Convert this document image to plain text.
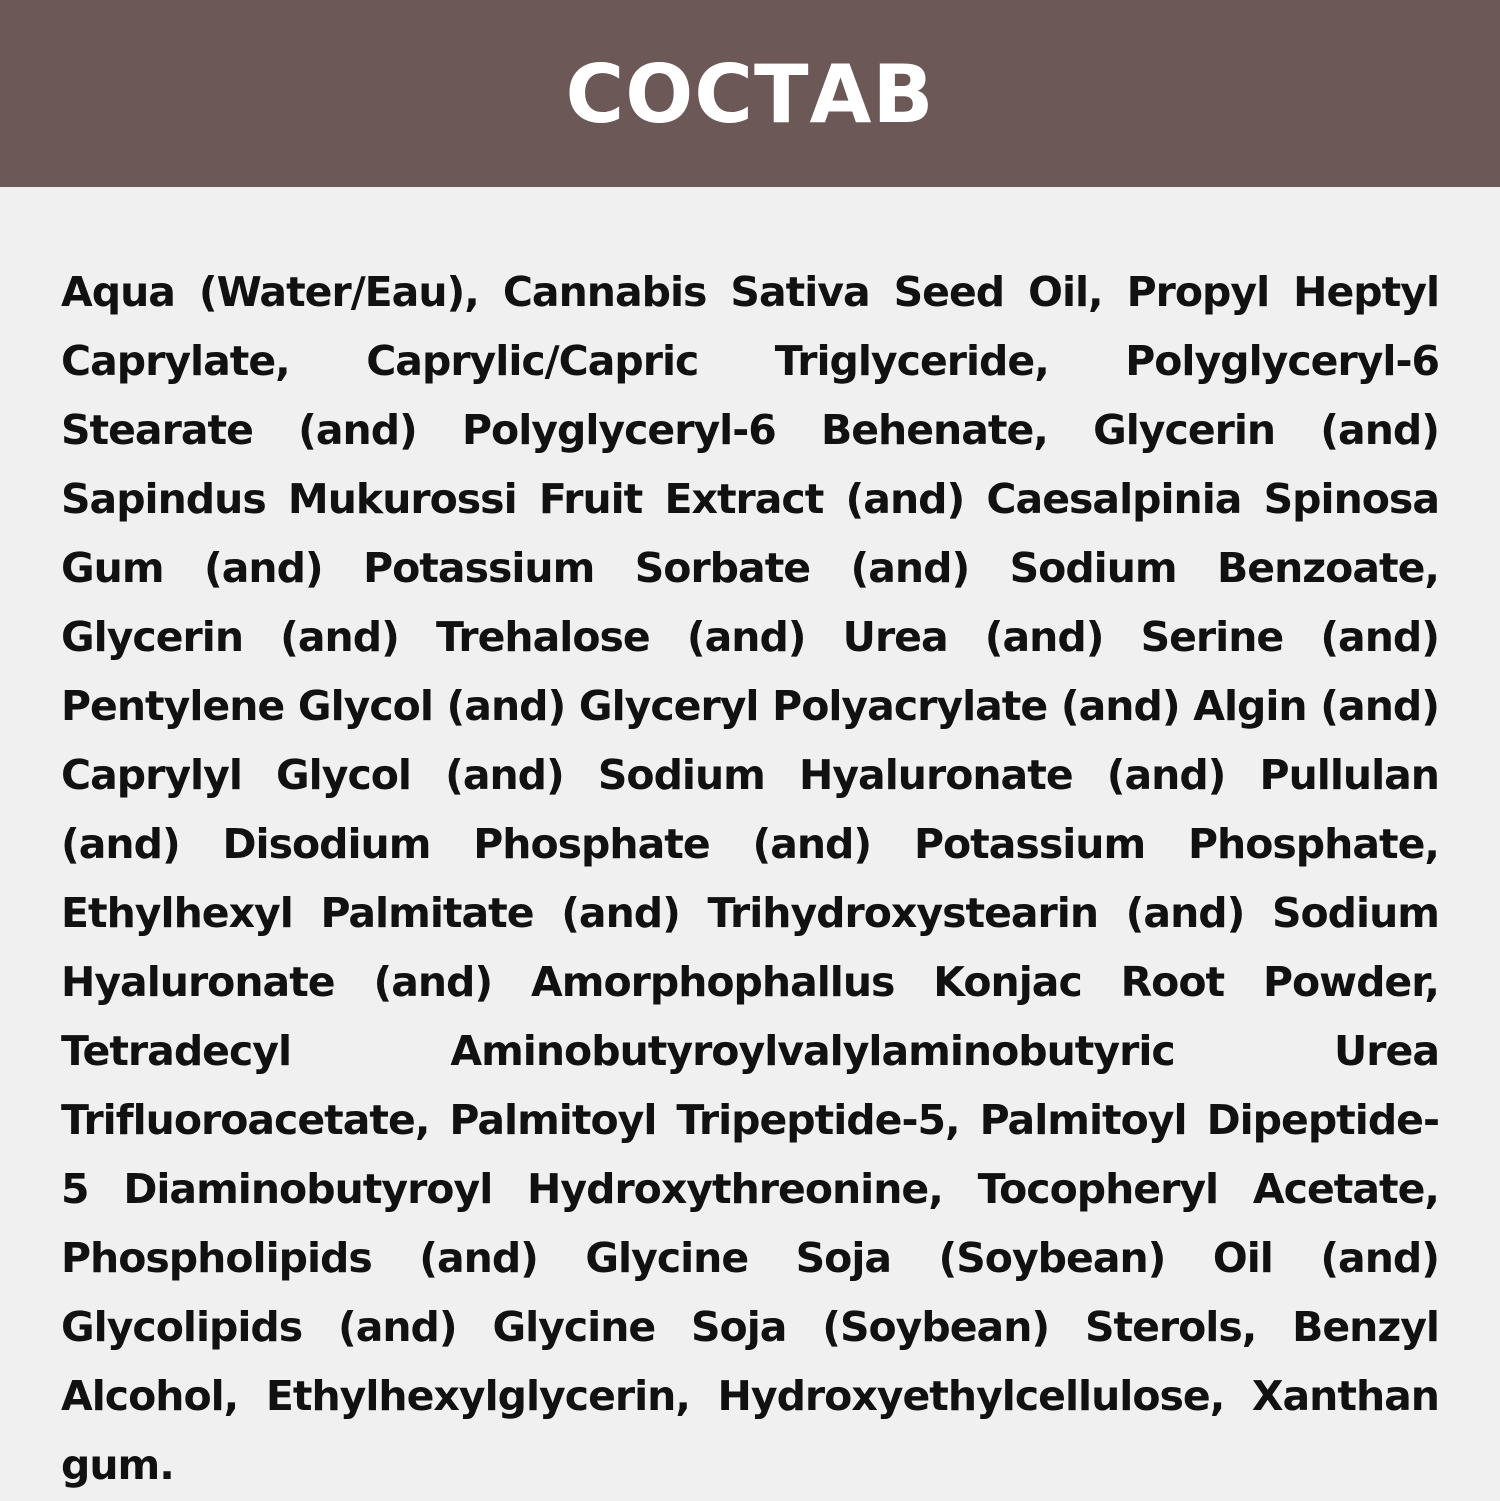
СОСТАВ

Aqua (Water/Eau), Cannabis Sativa Seed Oil, Propyl Heptyl Caprylate, Caprylic/Capric Triglyceride, Polyglyceryl-6 Stearate (and) Polyglyceryl-6 Behenate, Glycerin (and) Sapindus Mukurossi Fruit Extract (and) Caesalpinia Spinosa Gum (and) Potassium Sorbate (and) Sodium Benzoate, Glycerin (and) Trehalose (and) Urea (and) Serine (and) Pentylene Glycol (and) Glyceryl Polyacrylate (and) Algin (and) Caprylyl Glycol (and) Sodium Hyaluronate (and) Pullulan (and) Disodium Phosphate (and) Potassium Phosphate, Ethylhexyl Palmitate (and) Trihydroxystearin (and) Sodium Hyaluronate (and) Amorphophallus Konjac Root Powder, Tetradecyl Aminobutyroylvalylaminobutyric Urea Trifluoroacetate, Palmitoyl Tripeptide-5, Palmitoyl Dipeptide-5 Diaminobutyroyl Hydroxythreonine, Tocopheryl Acetate, Phospholipids (and) Glycine Soja (Soybean) Oil (and) Glycolipids (and) Glycine Soja (Soybean) Sterols, Benzyl Alcohol, Ethylhexylglycerin, Hydroxyethylcellulose, Xanthan gum.
